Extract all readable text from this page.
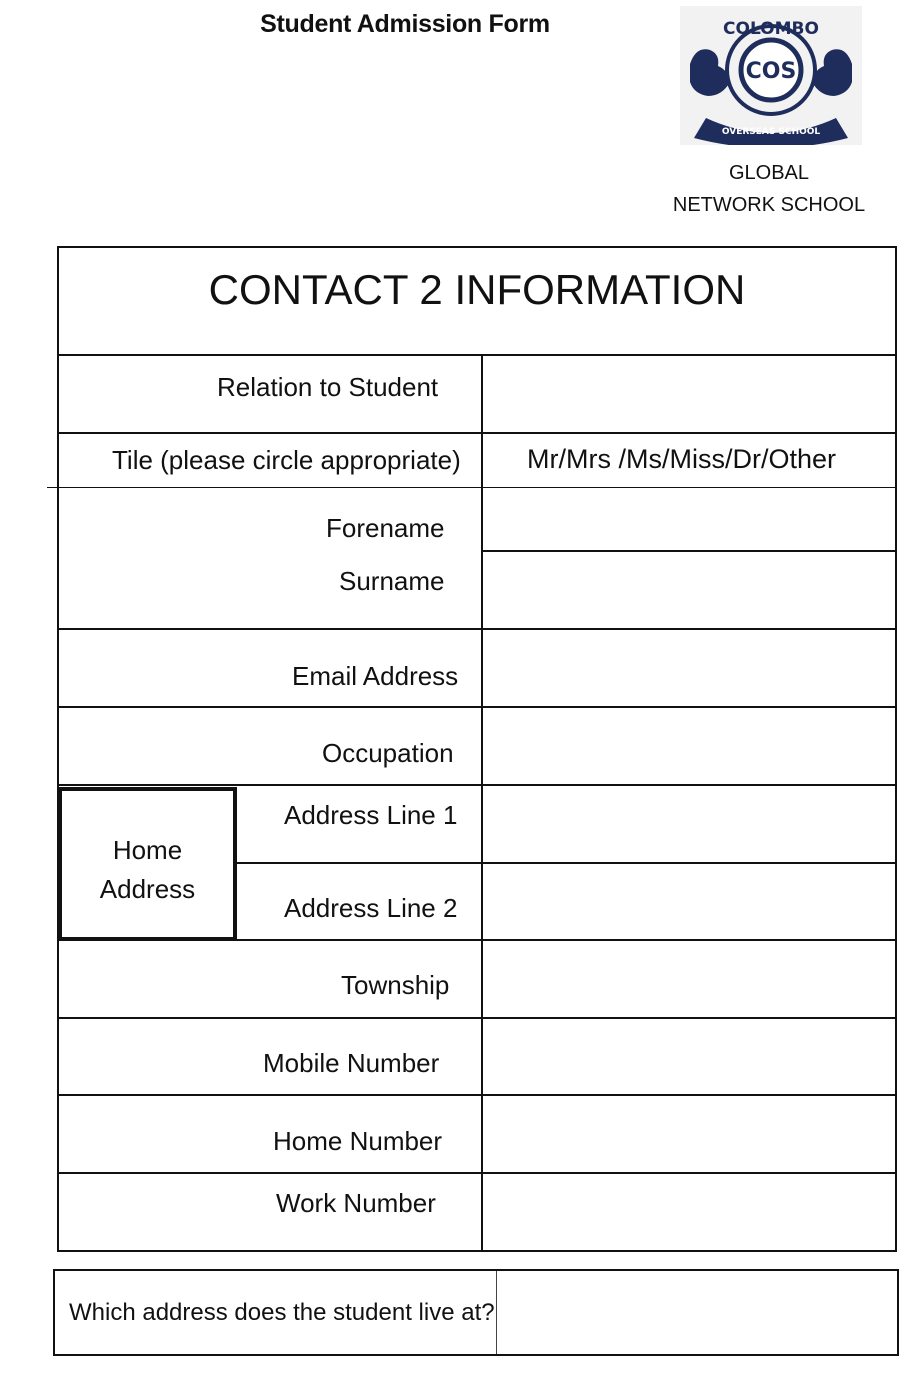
Student Admission Form	COLOMBO
COS
OVERSEAS SCHOOL
GLOBAL
NETWORK SCHOOL
CONTACT 2 INFORMATION
Relation to Student
Tile (please circle appropriate) Mr/Mrs /Ms/Miss/Dr/Other
Forename
Surname
Email Address
Occupation
Home
Address
Address Line 1
Address Line 2
Township
Mobile Number
Home Number
Work Number
Which address does the student live at?
